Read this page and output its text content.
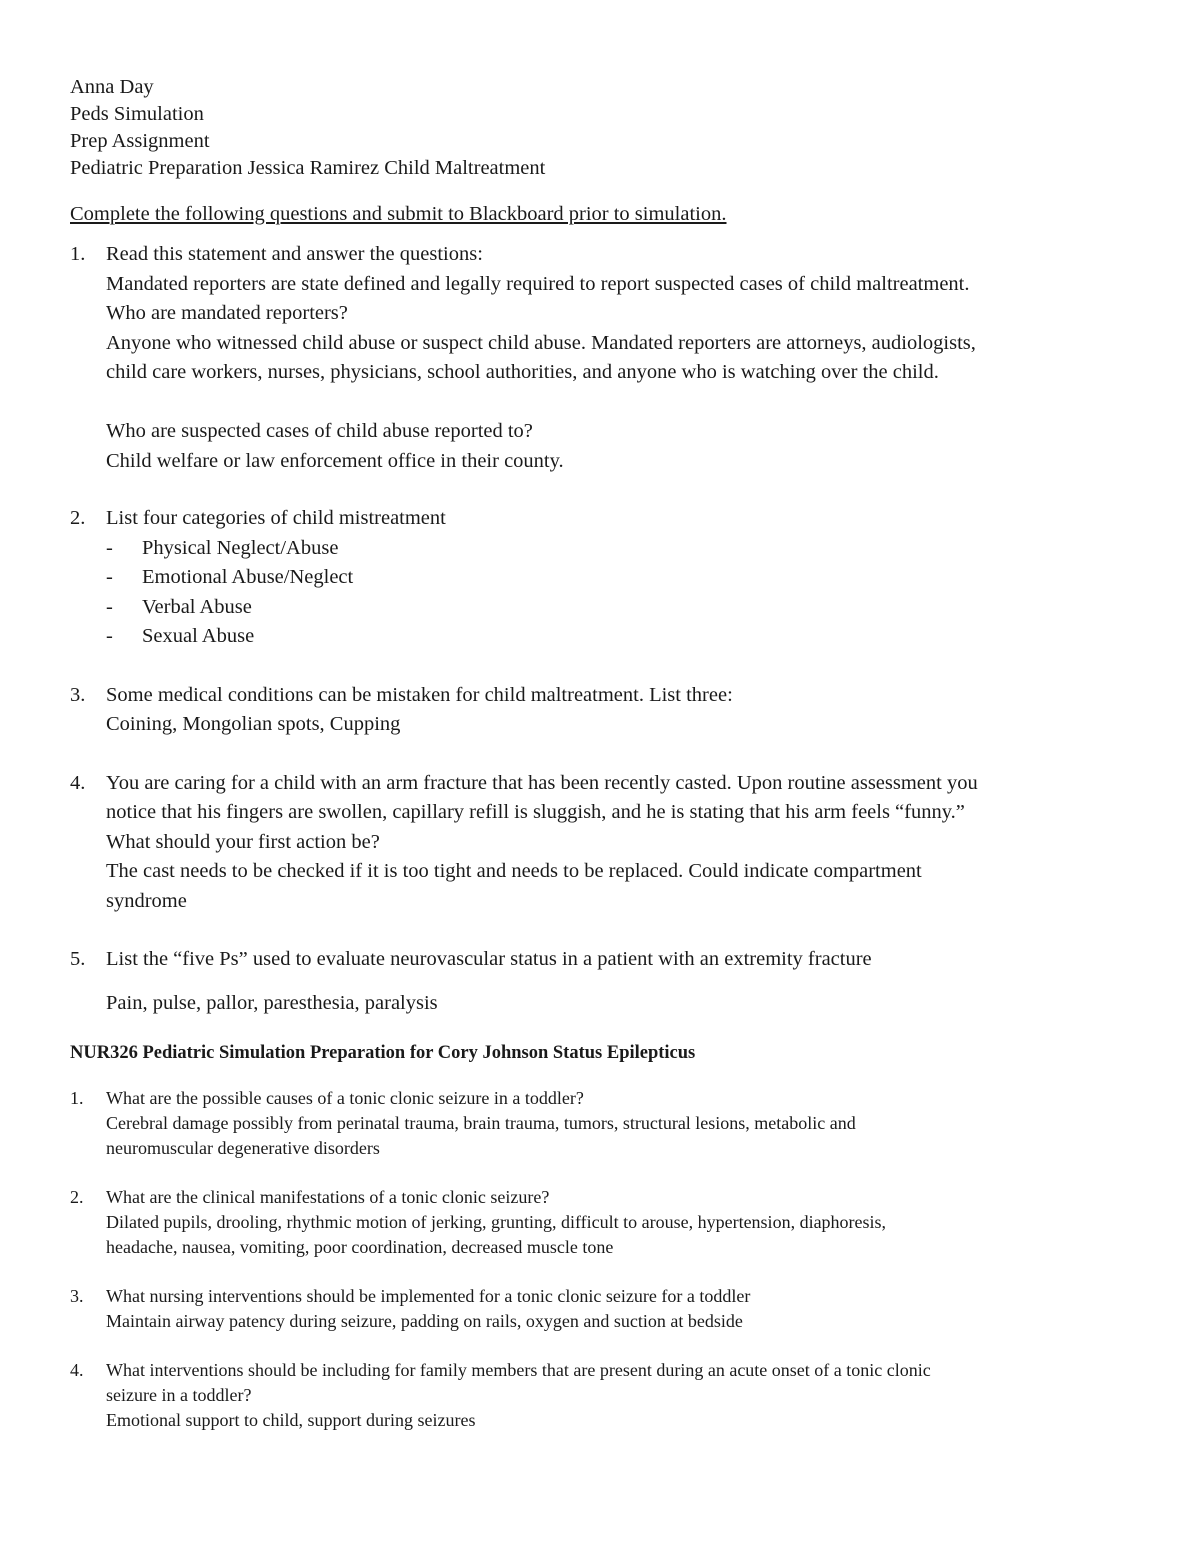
Anna Day

Peds Simulation

Prep Assignment

Pediatric Preparation Jessica Ramirez Child Maltreatment

Complete the following questions and submit to Blackboard prior to simulation.

1. Read this statement and answer the questions:

Mandated reporters are state defined and legally required to report suspected cases of child maltreatment.

Who are mandated reporters?

Anyone who witnessed child abuse or suspect child abuse. Mandated reporters are attorneys, audiologists,

child care workers, nurses, physicians, school authorities, and anyone who is watching over the child.

Who are suspected cases of child abuse reported to?

Child welfare or law enforcement office in their county.

2. List four categories of child mistreatment

- Physical Neglect/Abuse
- Emotional Abuse/Neglect
- Verbal Abuse
- Sexual Abuse
3. Some medical conditions can be mistaken for child maltreatment. List three:

Coining, Mongolian spots, Cupping

4. You are caring for a child with an arm fracture that has been recently casted. Upon routine assessment you

notice that his fingers are swollen, capillary refill is sluggish, and he is stating that his arm feels “funny.”

What should your first action be?

The cast needs to be checked if it is too tight and needs to be replaced. Could indicate compartment

syndrome

5. List the “five Ps” used to evaluate neurovascular status in a patient with an extremity fracture

Pain, pulse, pallor, paresthesia, paralysis

NUR326 Pediatric Simulation Preparation for Cory Johnson Status Epilepticus

1. What are the possible causes of a tonic clonic seizure in a toddler?

Cerebral damage possibly from perinatal trauma, brain trauma, tumors, structural lesions, metabolic and

neuromuscular degenerative disorders

2. What are the clinical manifestations of a tonic clonic seizure?

Dilated pupils, drooling, rhythmic motion of jerking, grunting, difficult to arouse, hypertension, diaphoresis,

headache, nausea, vomiting, poor coordination, decreased muscle tone

3. What nursing interventions should be implemented for a tonic clonic seizure for a toddler

Maintain airway patency during seizure, padding on rails, oxygen and suction at bedside

4. What interventions should be including for family members that are present during an acute onset of a tonic clonic

seizure in a toddler?

Emotional support to child, support during seizures
